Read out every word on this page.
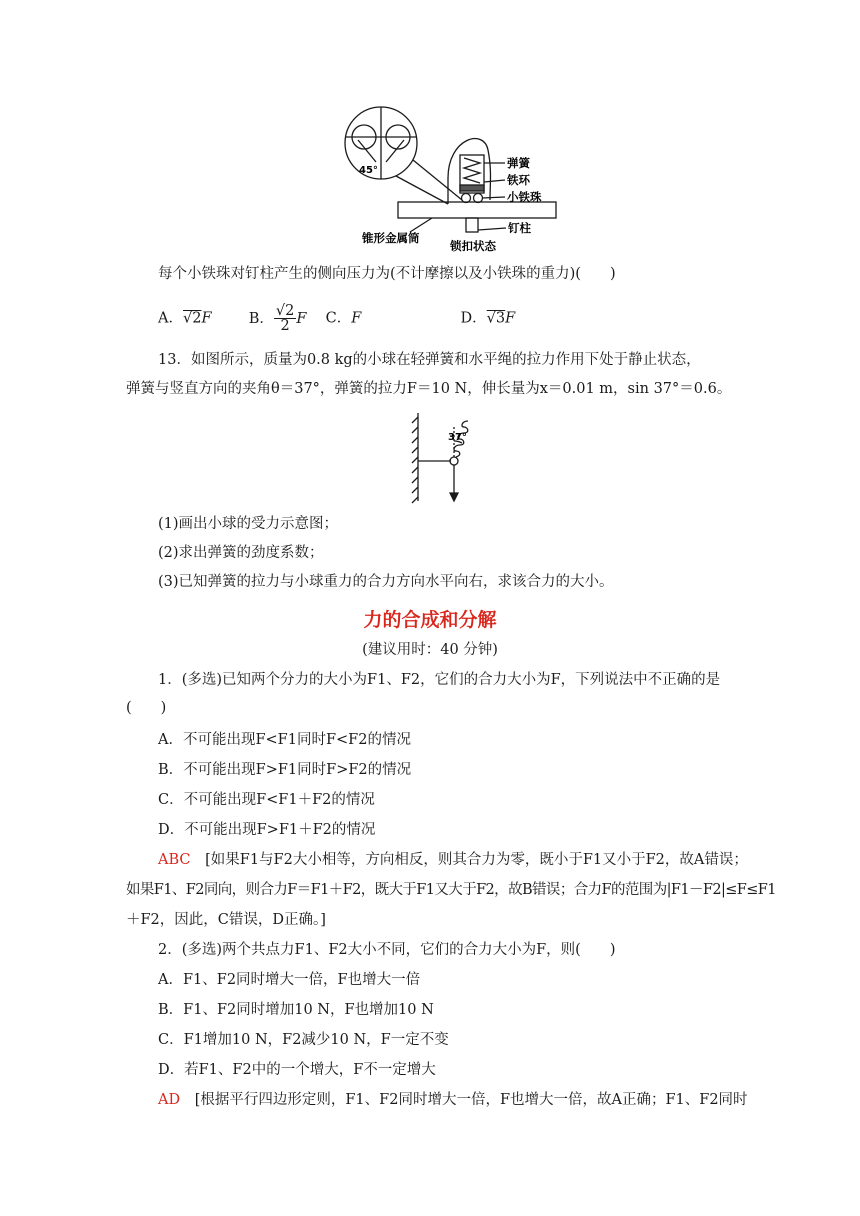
45°
弹簧
铁环
小铁珠
钉柱
锥形金属筒
锁扣状态
每个小铁珠对钉柱产生的侧向压力为(不计摩擦以及小铁珠的重力)(　　)
A．√2F	B． $\frac{√2}{2}$ F C．F	D．√3F
13．如图所示，质量为0.8 kg的小球在轻弹簧和水平绳的拉力作用下处于静止状态，
弹簧与竖直方向的夹角θ＝37°，弹簧的拉力F＝10 N，伸长量为x＝0.01 m，sin 37°＝0.6。
37°
(1)画出小球的受力示意图；
(2)求出弹簧的劲度系数；
(3)已知弹簧的拉力与小球重力的合力方向水平向右，求该合力的大小。
力的合成和分解
(建议用时：40 分钟)
1．(多选)已知两个分力的大小为F1、F2，它们的合力大小为F，下列说法中不正确的是
(　　)
A．不可能出现F<F1同时F<F2的情况
B．不可能出现F>F1同时F>F2的情况
C．不可能出现F<F1＋F2的情况
D．不可能出现F>F1＋F2的情况
ABC [如果F1与F2大小相等，方向相反，则其合力为零，既小于F1又小于F2，故A错误；
如果F1、F2同向，则合力F＝F1＋F2，既大于F1又大于F2，故B错误；合力F的范围为|F1－F2|≤F≤F1
＋F2，因此，C错误，D正确。]
2．(多选)两个共点力F1、F2大小不同，它们的合力大小为F，则(　　)
A．F1、F2同时增大一倍，F也增大一倍
B．F1、F2同时增加10 N，F也增加10 N
C．F1增加10 N，F2减少10 N，F一定不变
D．若F1、F2中的一个增大，F不一定增大
AD [根据平行四边形定则，F1、F2同时增大一倍，F也增大一倍，故A正确；F1、F2同时
